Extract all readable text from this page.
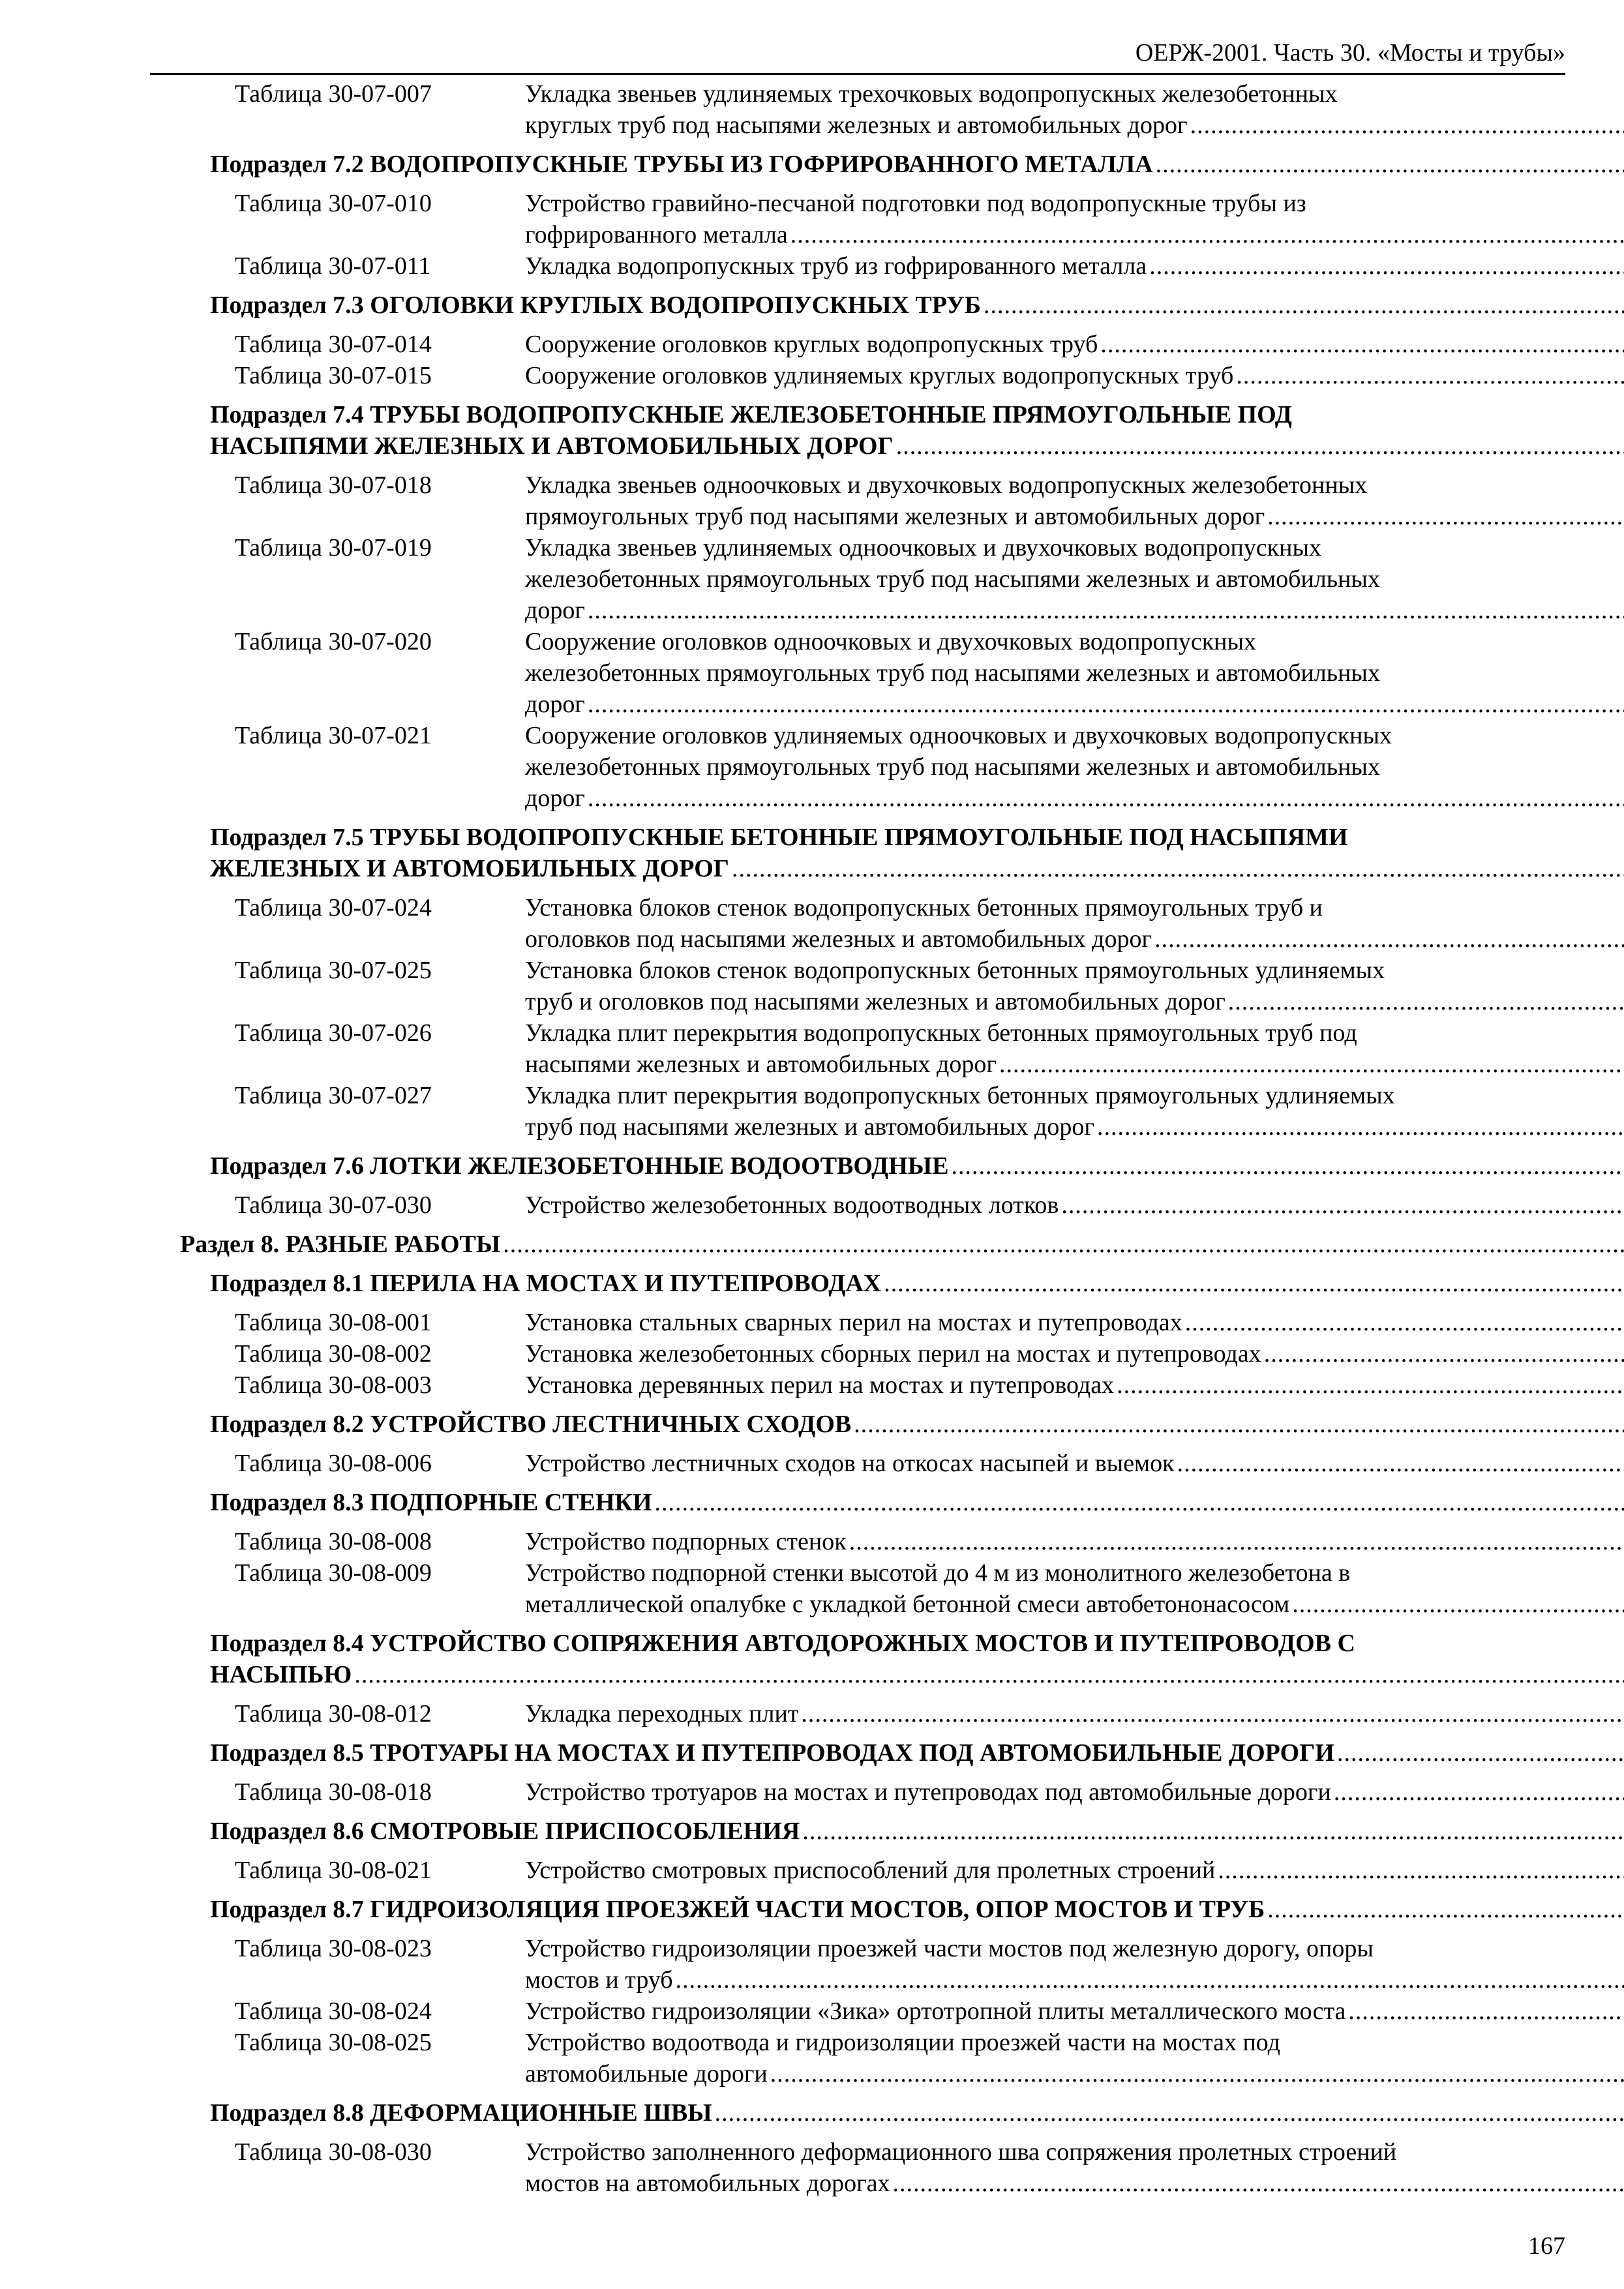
ОЕРЖ-2001. Часть 30. «Мосты и трубы»
Таблица 30-07-007	Укладка звеньев удлиняемых трехочковых водопропускных железобетонных
круглых труб под насыпями железных и автомобильных дорог
.....
Подраздел 7.2 ВОДОПРОПУСКНЫЕ ТРУБЫ ИЗ ГОФРИРОВАННОГО МЕТАЛЛА
.....
Таблица 30-07-010	Устройство гравийно-песчаной подготовки под водопропускные трубы из
гофрированного металла
.....
Таблица 30-07-011	Укладка водопропускных труб из гофрированного металла
.....
Подраздел 7.3 ОГОЛОВКИ КРУГЛЫХ ВОДОПРОПУСКНЫХ ТРУБ
.....
Таблица 30-07-014	Сооружение оголовков круглых водопропускных труб
.....
Таблица 30-07-015	Сооружение оголовков удлиняемых круглых водопропускных труб
.....
Подраздел 7.4 ТРУБЫ ВОДОПРОПУСКНЫЕ ЖЕЛЕЗОБЕТОННЫЕ ПРЯМОУГОЛЬНЫЕ ПОД
НАСЫПЯМИ ЖЕЛЕЗНЫХ И АВТОМОБИЛЬНЫХ ДОРОГ
.....
Таблица 30-07-018	Укладка звеньев одноочковых и двухочковых водопропускных железобетонных
прямоугольных труб под насыпями железных и автомобильных дорог
.....
Таблица 30-07-019	Укладка звеньев удлиняемых одноочковых и двухочковых водопропускных
железобетонных прямоугольных труб под насыпями железных и автомобильных
дорог
.....
Таблица 30-07-020	Сооружение оголовков одноочковых и двухочковых водопропускных
железобетонных прямоугольных труб под насыпями железных и автомобильных
дорог
.....
Таблица 30-07-021	Сооружение оголовков удлиняемых одноочковых и двухочковых водопропускных
железобетонных прямоугольных труб под насыпями железных и автомобильных
дорог
.....
Подраздел 7.5 ТРУБЫ ВОДОПРОПУСКНЫЕ БЕТОННЫЕ ПРЯМОУГОЛЬНЫЕ ПОД НАСЫПЯМИ
ЖЕЛЕЗНЫХ И АВТОМОБИЛЬНЫХ ДОРОГ
.....
Таблица 30-07-024	Установка блоков стенок водопропускных бетонных прямоугольных труб и
оголовков под насыпями железных и автомобильных дорог
.....
Таблица 30-07-025	Установка блоков стенок водопропускных бетонных прямоугольных удлиняемых
труб и оголовков под насыпями железных и автомобильных дорог
.....
Таблица 30-07-026	Укладка плит перекрытия водопропускных бетонных прямоугольных труб под
насыпями железных и автомобильных дорог
.....
Таблица 30-07-027	Укладка плит перекрытия водопропускных бетонных прямоугольных удлиняемых
труб под насыпями железных и автомобильных дорог
.....
Подраздел 7.6 ЛОТКИ ЖЕЛЕЗОБЕТОННЫЕ ВОДООТВОДНЫЕ
.....
Таблица 30-07-030	Устройство железобетонных водоотводных лотков
.....
Раздел 8. РАЗНЫЕ РАБОТЫ
.....
Подраздел 8.1 ПЕРИЛА НА МОСТАХ И ПУТЕПРОВОДАХ
.....
Таблица 30-08-001	Установка стальных сварных перил на мостах и путепроводах
.....
Таблица 30-08-002	Установка железобетонных сборных перил на мостах и путепроводах
.....
Таблица 30-08-003	Установка деревянных перил на мостах и путепроводах
.....
Подраздел 8.2 УСТРОЙСТВО ЛЕСТНИЧНЫХ СХОДОВ
.....
Таблица 30-08-006	Устройство лестничных сходов на откосах насыпей и выемок
.....
Подраздел 8.3 ПОДПОРНЫЕ СТЕНКИ
.....
Таблица 30-08-008	Устройство подпорных стенок
.....
Таблица 30-08-009	Устройство подпорной стенки высотой до 4 м из монолитного железобетона в
металлической опалубке с укладкой бетонной смеси автобетононасосом
.....
Подраздел 8.4 УСТРОЙСТВО СОПРЯЖЕНИЯ АВТОДОРОЖНЫХ МОСТОВ И ПУТЕПРОВОДОВ С
НАСЫПЬЮ
.....
Таблица 30-08-012	Укладка переходных плит
.....
Подраздел 8.5 ТРОТУАРЫ НА МОСТАХ И ПУТЕПРОВОДАХ ПОД АВТОМОБИЛЬНЫЕ ДОРОГИ
.....
Таблица 30-08-018	Устройство тротуаров на мостах и путепроводах под автомобильные дороги
.....
Подраздел 8.6 СМОТРОВЫЕ ПРИСПОСОБЛЕНИЯ
.....
Таблица 30-08-021	Устройство смотровых приспособлений для пролетных строений
.....
Подраздел 8.7 ГИДРОИЗОЛЯЦИЯ ПРОЕЗЖЕЙ ЧАСТИ МОСТОВ, ОПОР МОСТОВ И ТРУБ
.....
Таблица 30-08-023	Устройство гидроизоляции проезжей части мостов под железную дорогу, опоры
мостов и труб
.....
Таблица 30-08-024	Устройство гидроизоляции «Зика» ортотропной плиты металлического моста
.....
Таблица 30-08-025	Устройство водоотвода и гидроизоляции проезжей части на мостах под
автомобильные дороги
.....
Подраздел 8.8 ДЕФОРМАЦИОННЫЕ ШВЫ
.....
Таблица 30-08-030	Устройство заполненного деформационного шва сопряжения пролетных строений
мостов на автомобильных дорогах
.....
167
